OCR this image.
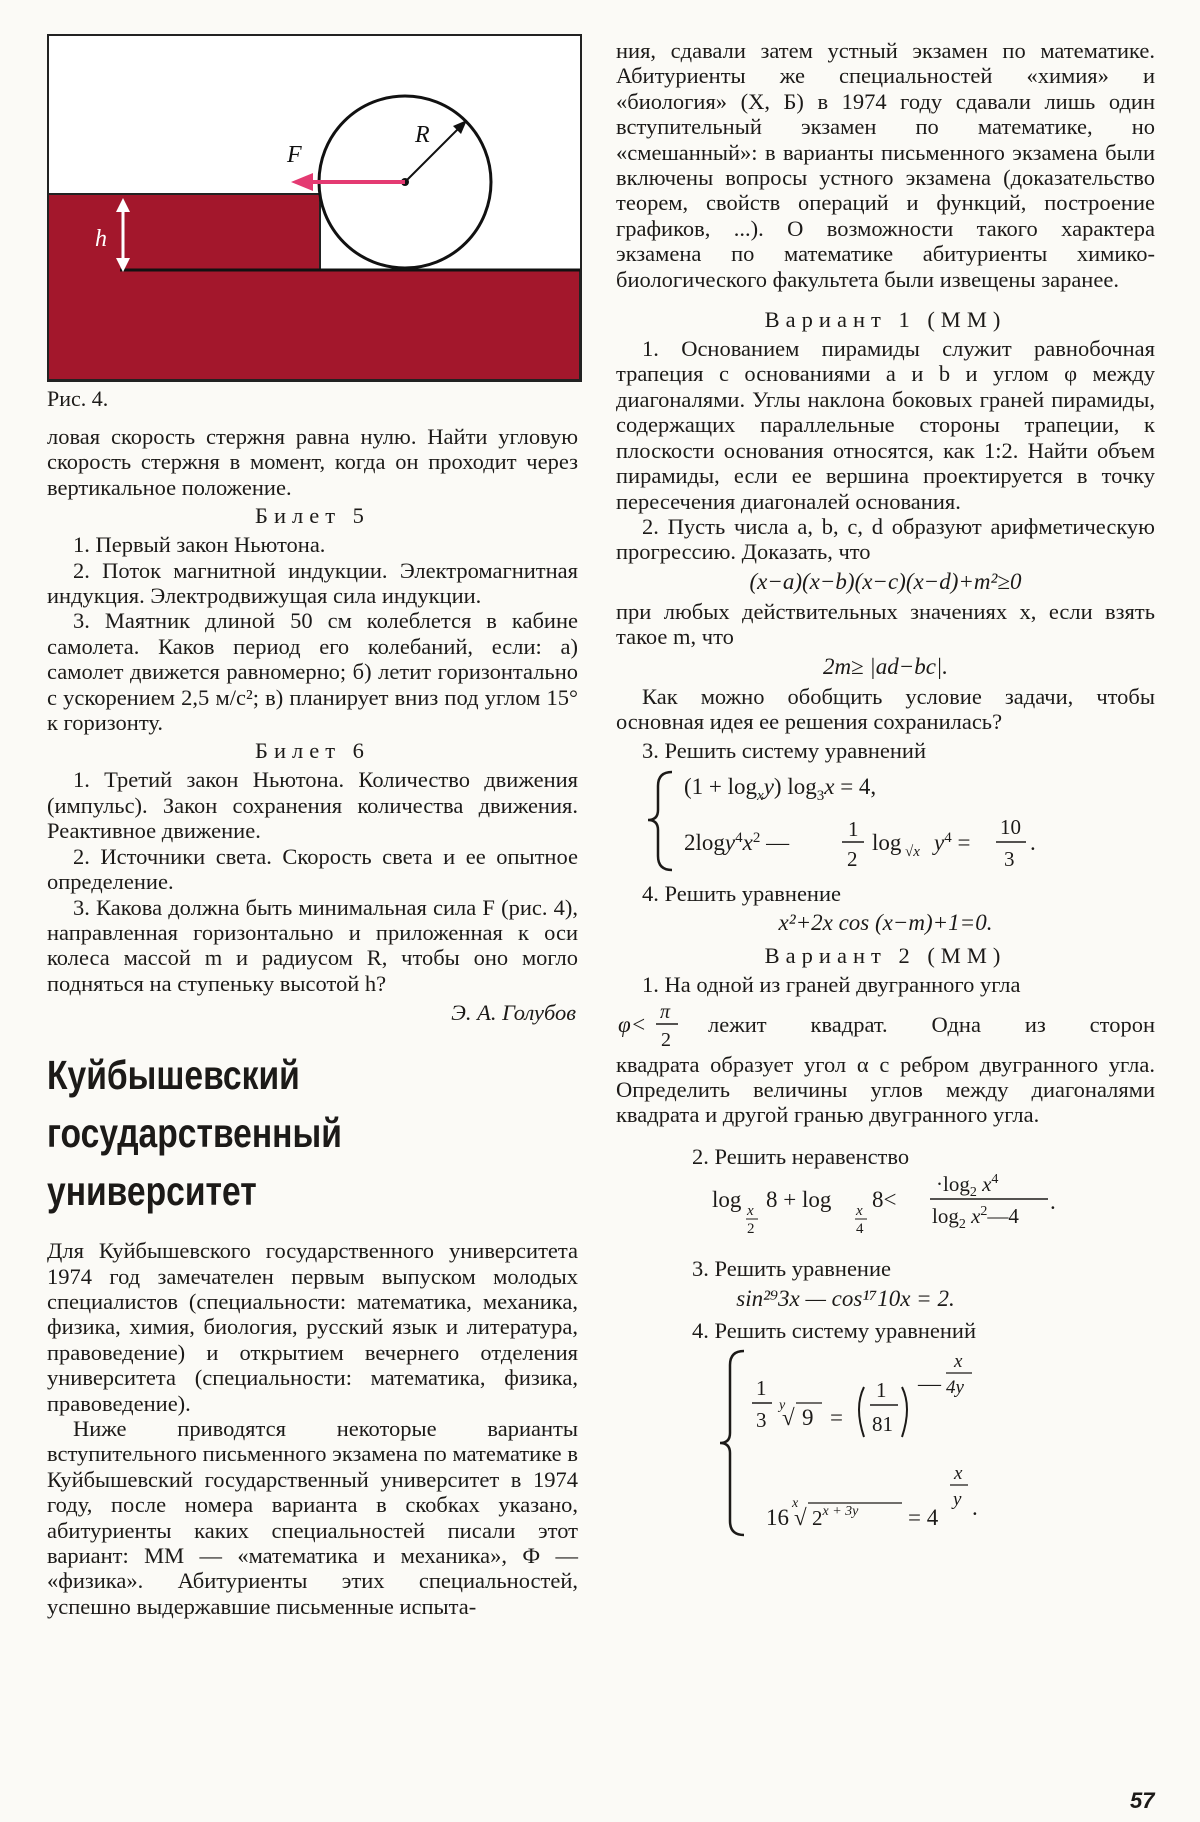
F
R
h
Рис. 4.

ловая скорость стержня равна нулю. Найти угловую скорость стержня в момент, когда он проходит через вертикальное положение.

Билет 5

1. Первый закон Ньютона.

2. Поток магнитной индукции. Электромагнитная индукция. Электродвижущая сила индукции.

3. Маятник длиной 50 см колеблется в кабине самолета. Каков период его колебаний, если: а) самолет движется равномерно; б) летит горизонтально с ускорением 2,5 м/с²; в) планирует вниз под углом 15° к горизонту.

Билет 6

1. Третий закон Ньютона. Количество движения (импульс). Закон сохранения количества движения. Реактивное движение.

2. Источники света. Скорость света и ее опытное определение.

3. Какова должна быть минимальная сила F (рис. 4), направленная горизонтально и приложенная к оси колеса массой m и радиусом R, чтобы оно могло подняться на ступеньку высотой h?

Э. А. Голубов
Куйбышевский
государственный
университет

Для Куйбышевского государственного университета 1974 год замечателен первым выпуском молодых специалистов (специальности: математика, механика, физика, химия, биология, русский язык и литература, правоведение) и открытием вечернего отделения университета (специальности: математика, физика, правоведение).

Ниже приводятся некоторые варианты вступительного письменного экзамена по математике в Куйбышевский государственный университет в 1974 году, после номера варианта в скобках указано, абитуриенты каких специальностей писали этот вариант: ММ — «математика и механика», Ф — «физика». Абитуриенты этих специальностей, успешно выдержавшие письменные испыта-

ния, сдавали затем устный экзамен по математике. Абитуриенты же специальностей «химия» и «биология» (Х, Б) в 1974 году сдавали лишь один вступительный экзамен по математике, но «смешанный»: в варианты письменного экзамена были включены вопросы устного экзамена (доказательство теорем, свойств операций и функций, построение графиков, ...). О возможности такого характера экзамена по математике абитуриенты химико-биологического факультета были извещены заранее.

Вариант 1 (ММ)

1. Основанием пирамиды служит равнобочная трапеция с основаниями a и b и углом φ между диагоналями. Углы наклона боковых граней пирамиды, содержащих параллельные стороны трапеции, к плоскости основания относятся, как 1:2. Найти объем пирамиды, если ее вершина проектируется в точку пересечения диагоналей основания.

2. Пусть числа a, b, c, d образуют арифметическую прогрессию. Доказать, что

(x−a)(x−b)(x−c)(x−d)+m²≥0

при любых действительных значениях x, если взять такое m, что

2m≥ |ad−bc|.

Как можно обобщить условие задачи, чтобы основная идея ее решения сохранилась?

3. Решить систему уравнений

$(1 + \log_xy)$ $\log_3x = 4$,
$2\log y^4x^2$ —
1
2
log √x $y^4$ =
10
3
.

4. Решить уравнение

x²+2x cos (x−m)+1=0.
Вариант 2 (ММ)

1. На одной из граней двугранного угла

φ< π
2
лежит квадрат. Одна из сторон

квадрата образует угол α с ребром двугранного угла. Определить величины углов между диагоналями квадрата и другой гранью двугранного угла.

2. Решить неравенство

log x
2
8 + log x
4
8<
$\cdot\log_2$ $x^4$
$\log_2$ $x^2—4$
.

3. Решить уравнение

sin²⁹3x — cos¹⁷10x = 2.

4. Решить систему уравнений

1
3
y
√ 9 =
1
81
—
x
4y
16
x
√ $2^{x + 3y} = 4$
x
y .
57
